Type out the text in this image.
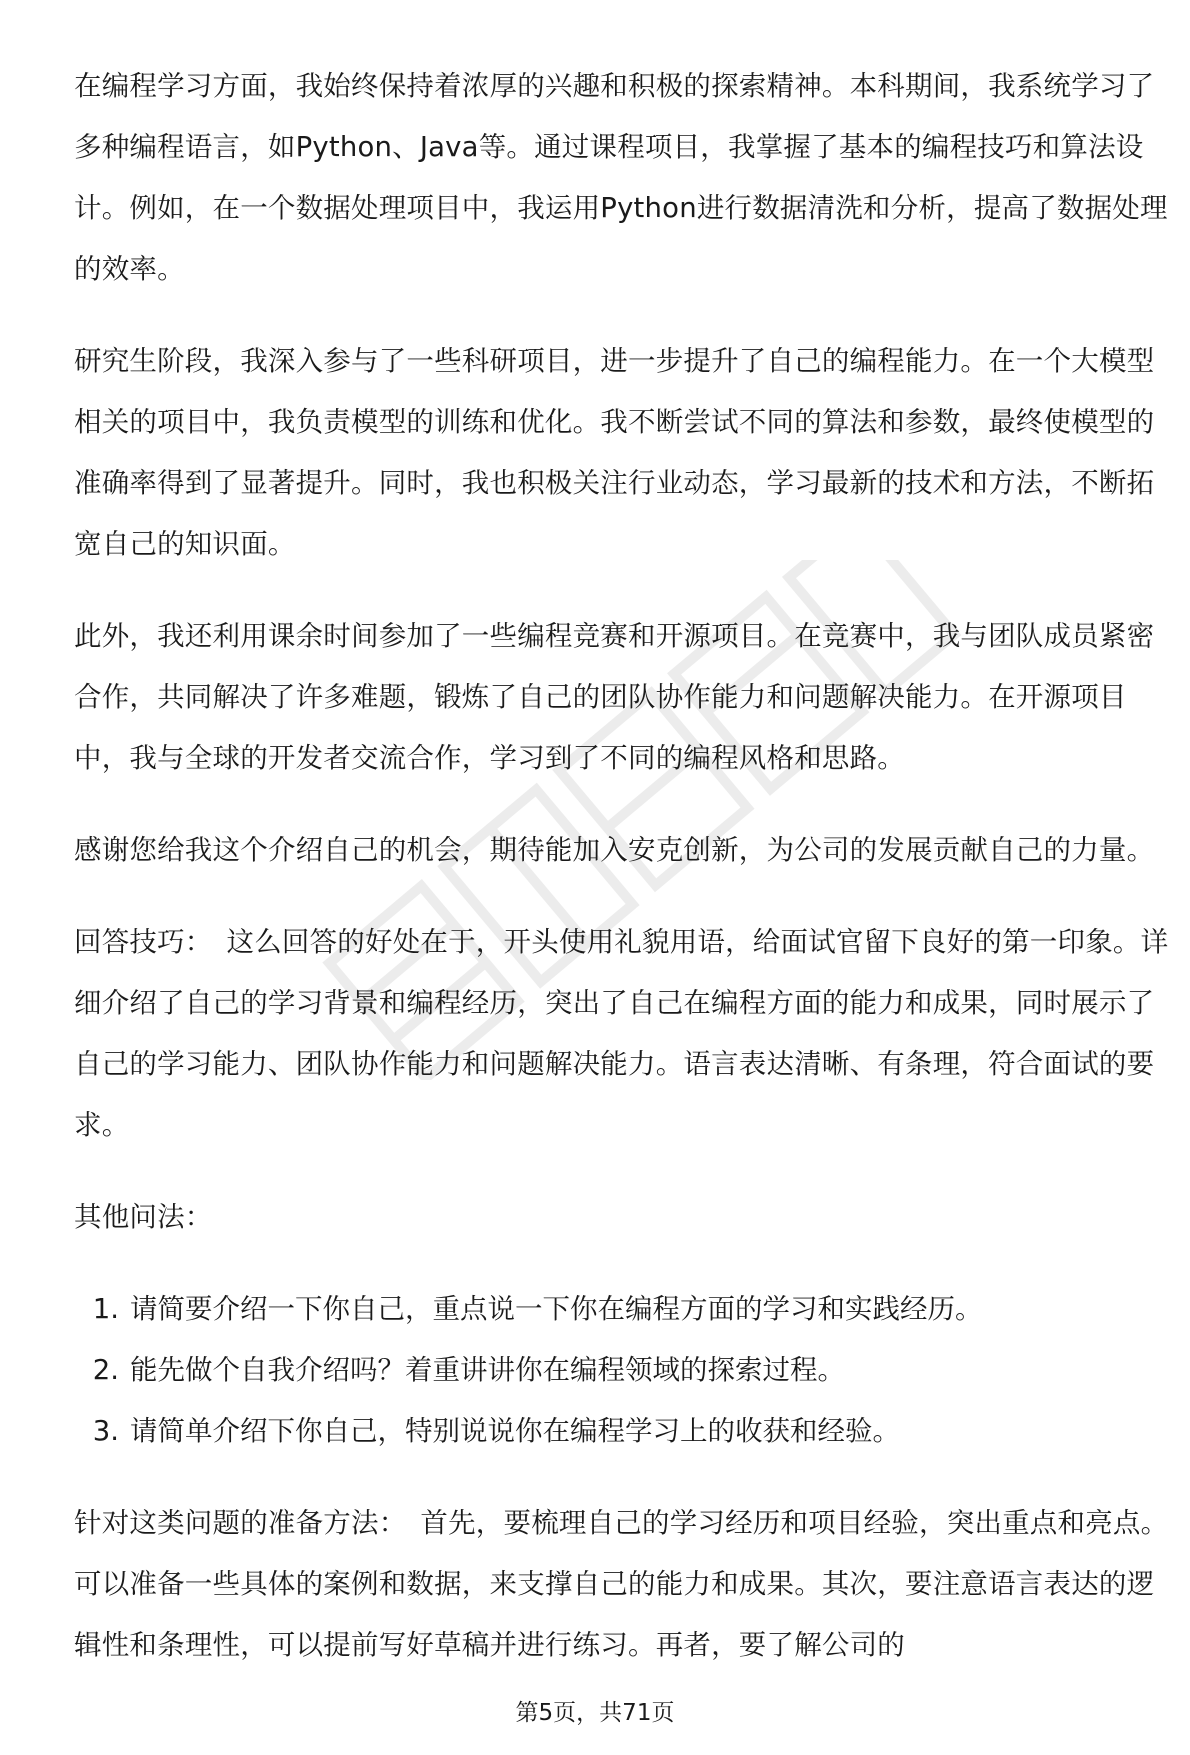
在编程学习方面，我始终保持着浓厚的兴趣和积极的探索精神。本科期间，我系统学习了多种编程语言，如Python、Java等。通过课程项目，我掌握了基本的编程技巧和算法设计。例如，在一个数据处理项目中，我运用Python进行数据清洗和分析，提高了数据处理的效率。

研究生阶段，我深入参与了一些科研项目，进一步提升了自己的编程能力。在一个大模型相关的项目中，我负责模型的训练和优化。我不断尝试不同的算法和参数，最终使模型的准确率得到了显著提升。同时，我也积极关注行业动态，学习最新的技术和方法，不断拓宽自己的知识面。

此外，我还利用课余时间参加了一些编程竞赛和开源项目。在竞赛中，我与团队成员紧密合作，共同解决了许多难题，锻炼了自己的团队协作能力和问题解决能力。在开源项目中，我与全球的开发者交流合作，学习到了不同的编程风格和思路。

感谢您给我这个介绍自己的机会，期待能加入安克创新，为公司的发展贡献自己的力量。

回答技巧： 这么回答的好处在于，开头使用礼貌用语，给面试官留下良好的第一印象。详细介绍了自己的学习背景和编程经历，突出了自己在编程方面的能力和成果，同时展示了自己的学习能力、团队协作能力和问题解决能力。语言表达清晰、有条理，符合面试的要求。

其他问法：

1. 请简要介绍一下你自己，重点说一下你在编程方面的学习和实践经历。
2. 能先做个自我介绍吗？着重讲讲你在编程领域的探索过程。
3. 请简单介绍下你自己，特别说说你在编程学习上的收获和经验。

针对这类问题的准备方法： 首先，要梳理自己的学习经历和项目经验，突出重点和亮点。可以准备一些具体的案例和数据，来支撑自己的能力和成果。其次，要注意语言表达的逻辑性和条理性，可以提前写好草稿并进行练习。再者，要了解公司的

第5页，共71页
